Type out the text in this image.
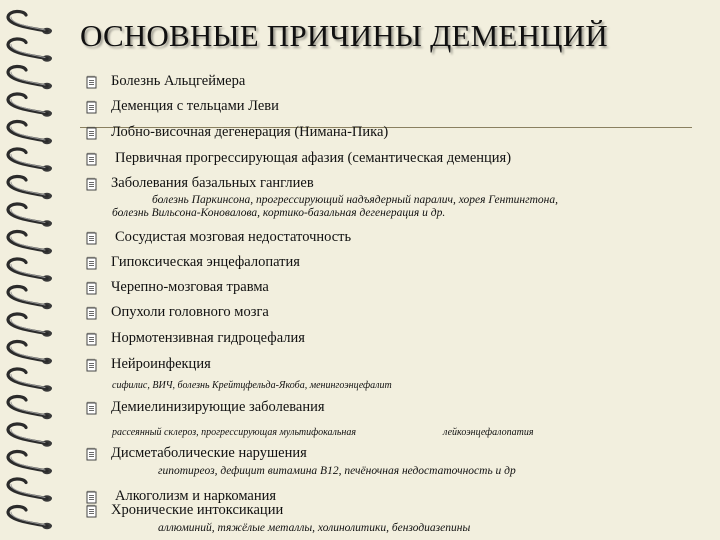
ОСНОВНЫЕ ПРИЧИНЫ ДЕМЕНЦИЙ
Болезнь Альцгеймера
Деменция с тельцами Леви
Лобно-височная дегенерация (Нимана-Пика)
Первичная прогрессирующая афазия (семантическая деменция)
Заболевания базальных ганглиев
Сосудистая мозговая недостаточность
Гипоксическая энцефалопатия
Черепно-мозговая травма
Опухоли головного мозга
Нормотензивная гидроцефалия
Нейроинфекция
Демиелинизирующие заболевания
Дисметаболические нарушения
Алкоголизм и наркомания
Хронические интоксикации
болезнь Паркинсона, прогрессирующий надъядерный паралич, хорея Гентингтона,
болезнь Вильсона-Коновалова, кортико-базальная дегенерация и др.
сифилис, ВИЧ, болезнь Крейтцфельда-Якоба, менингоэнцефалит
рассеянный склероз, прогрессирующая мультифокальная	лейкоэнцефалопатия
гипотиреоз, дефицит витамина В12, печёночная недостаточность и др
аллюминий, тяжёлые металлы, холинолитики, бензодиазепины
